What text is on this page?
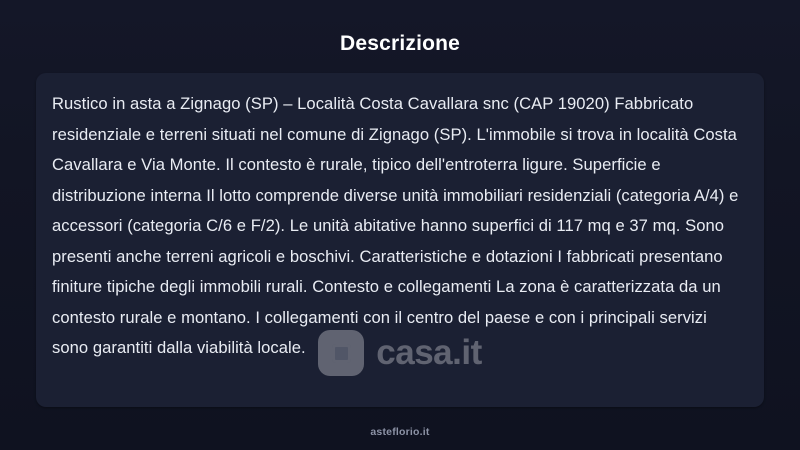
Descrizione
Rustico in asta a Zignago (SP) – Località Costa Cavallara snc (CAP 19020) Fabbricato residenziale e terreni situati nel comune di Zignago (SP). L'immobile si trova in località Costa Cavallara e Via Monte. Il contesto è rurale, tipico dell'entroterra ligure. Superficie e distribuzione interna Il lotto comprende diverse unità immobiliari residenziali (categoria A/4) e accessori (categoria C/6 e F/2). Le unità abitative hanno superfici di 117 mq e 37 mq. Sono presenti anche terreni agricoli e boschivi. Caratteristiche e dotazioni I fabbricati presentano finiture tipiche degli immobili rurali. Contesto e collegamenti La zona è caratterizzata da un contesto rurale e montano. I collegamenti con il centro del paese e con i principali servizi sono garantiti dalla viabilità locale.	casa.it
asteflorio.it
